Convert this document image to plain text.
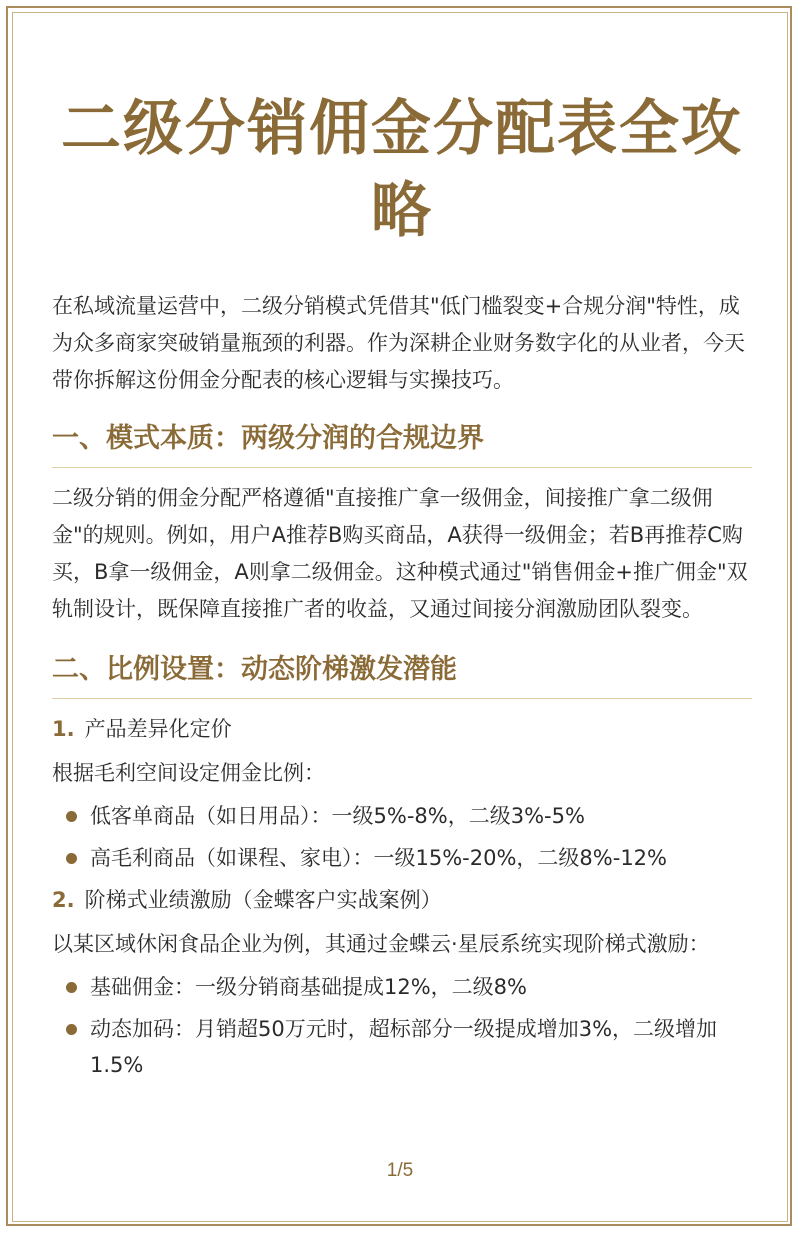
二级分销佣金分配表全攻略

在私域流量运营中，二级分销模式凭借其"低门槛裂变+合规分润"特性，成为众多商家突破销量瓶颈的利器。作为深耕企业财务数字化的从业者，今天带你拆解这份佣金分配表的核心逻辑与实操技巧。

一、模式本质：两级分润的合规边界

二级分销的佣金分配严格遵循"直接推广拿一级佣金，间接推广拿二级佣金"的规则。例如，用户A推荐B购买商品，A获得一级佣金；若B再推荐C购买，B拿一级佣金，A则拿二级佣金。这种模式通过"销售佣金+推广佣金"双轨制设计，既保障直接推广者的收益，又通过间接分润激励团队裂变。

二、比例设置：动态阶梯激发潜能
1. 产品差异化定价

根据毛利空间设定佣金比例：

低客单商品（如日用品）：一级5%-8%，二级3%-5%
高毛利商品（如课程、家电）：一级15%-20%，二级8%-12%
2. 阶梯式业绩激励（金蝶客户实战案例）

以某区域休闲食品企业为例，其通过金蝶云·星辰系统实现阶梯式激励：

基础佣金：一级分销商基础提成12%，二级8%
动态加码：月销超50万元时，超标部分一级提成增加3%，二级增加1.5%
1/5
